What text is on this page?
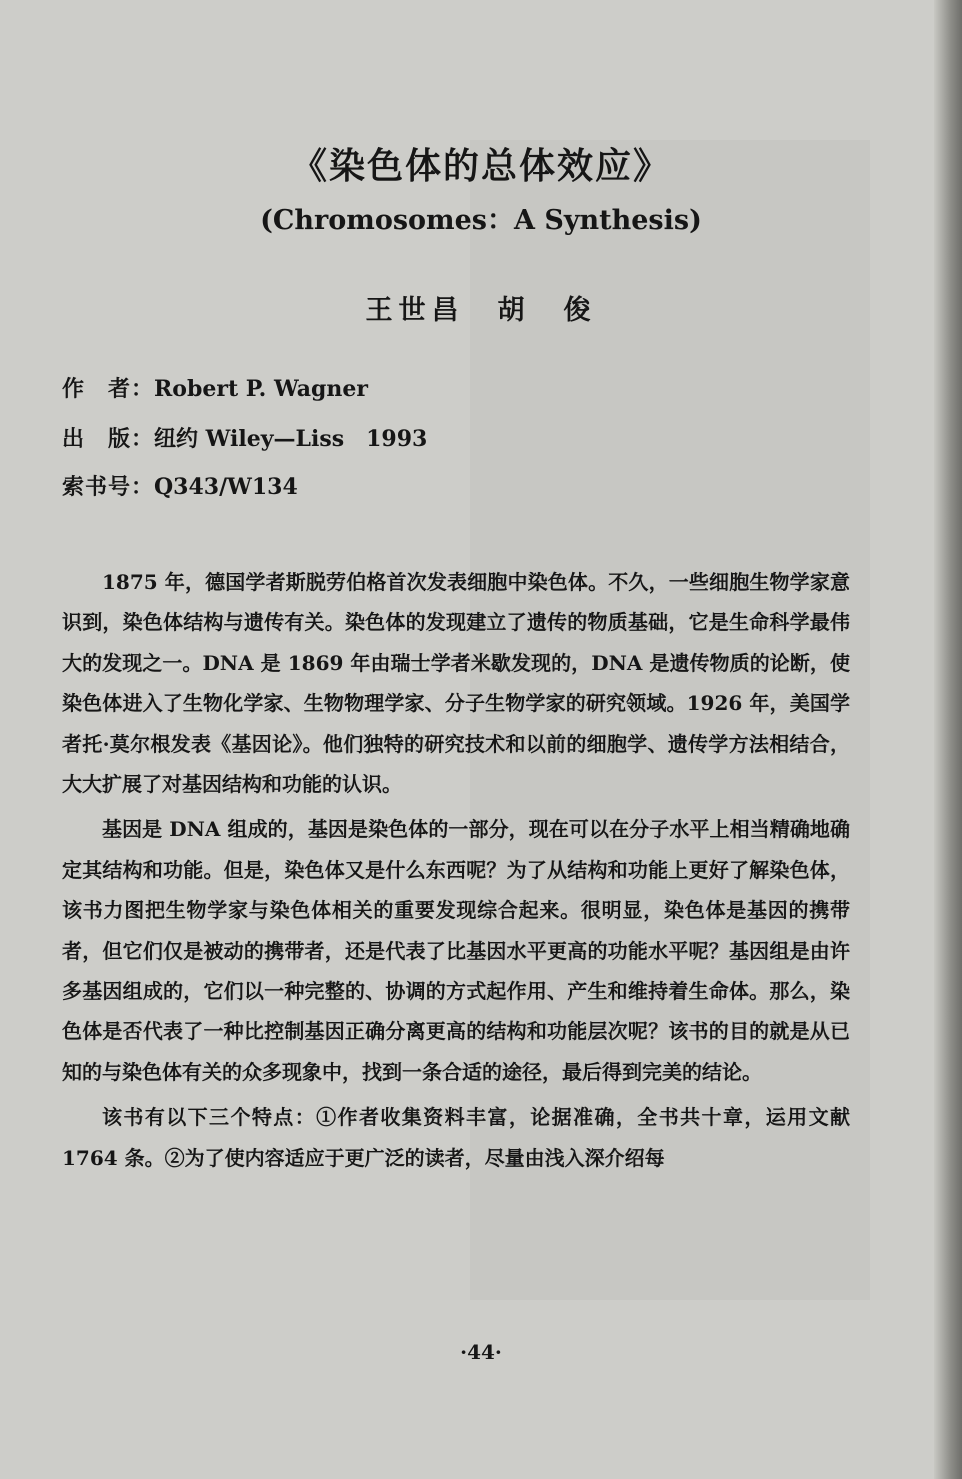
《染色体的总体效应》
(Chromosomes：A Synthesis)
王世昌　胡　俊
作　者：Robert P. Wagner
出　版：纽约 Wiley—Liss　1993
索书号：Q343/W134

1875 年，德国学者斯脱劳伯格首次发表细胞中染色体。不久，一些细胞生物学家意识到，染色体结构与遗传有关。染色体的发现建立了遗传的物质基础，它是生命科学最伟大的发现之一。DNA 是 1869 年由瑞士学者米歇发现的，DNA 是遗传物质的论断，使染色体进入了生物化学家、生物物理学家、分子生物学家的研究领域。1926 年，美国学者托·莫尔根发表《基因论》。他们独特的研究技术和以前的细胞学、遗传学方法相结合，大大扩展了对基因结构和功能的认识。

基因是 DNA 组成的，基因是染色体的一部分，现在可以在分子水平上相当精确地确定其结构和功能。但是，染色体又是什么东西呢？为了从结构和功能上更好了解染色体，该书力图把生物学家与染色体相关的重要发现综合起来。很明显，染色体是基因的携带者，但它们仅是被动的携带者，还是代表了比基因水平更高的功能水平呢？基因组是由许多基因组成的，它们以一种完整的、协调的方式起作用、产生和维持着生命体。那么，染色体是否代表了一种比控制基因正确分离更高的结构和功能层次呢？该书的目的就是从已知的与染色体有关的众多现象中，找到一条合适的途径，最后得到完美的结论。

该书有以下三个特点：①作者收集资料丰富，论据准确，全书共十章，运用文献 1764 条。②为了使内容适应于更广泛的读者，尽量由浅入深介绍每

·44·
